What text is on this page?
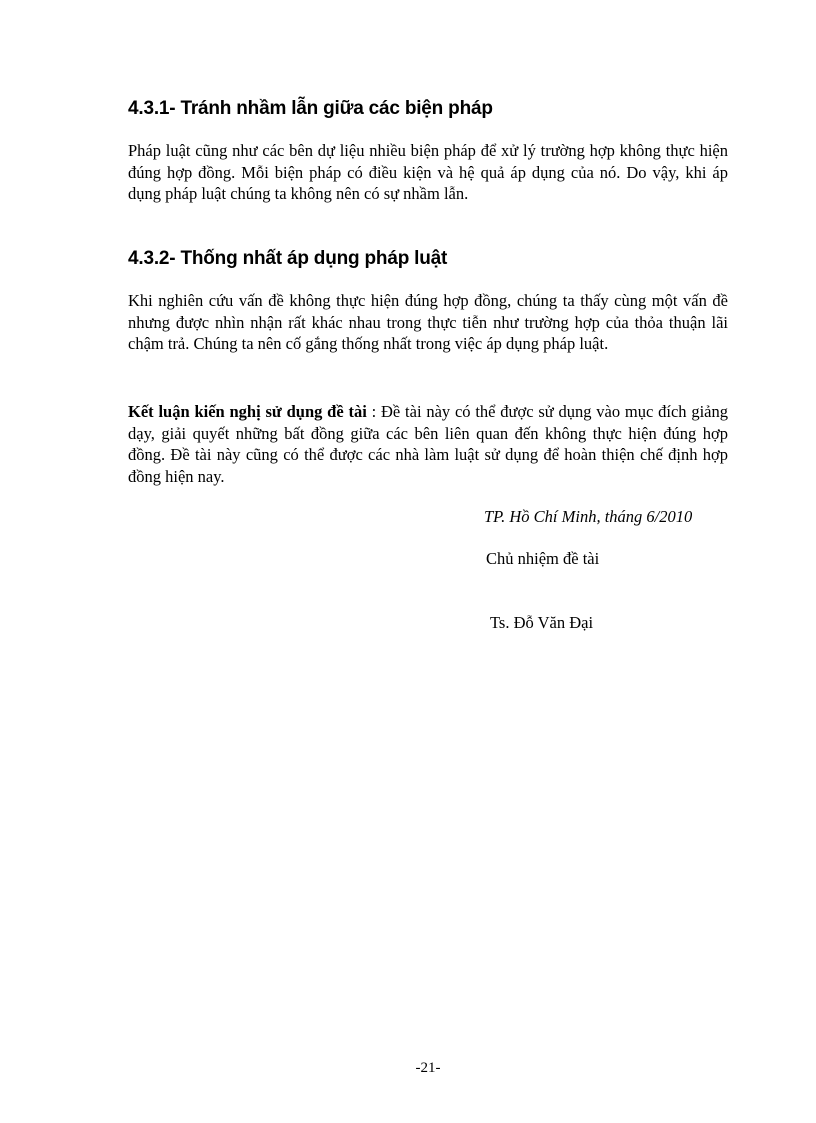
4.3.1- Tránh nhầm lẫn giữa các biện pháp

Pháp luật cũng như các bên dự liệu nhiều biện pháp để xử lý trường hợp không thực hiện đúng hợp đồng. Mỗi biện pháp có điều kiện và hệ quả áp dụng của nó. Do vậy, khi áp dụng pháp luật chúng ta không nên có sự nhầm lẫn.

4.3.2- Thống nhất áp dụng pháp luật

Khi nghiên cứu vấn đề không thực hiện đúng hợp đồng, chúng ta thấy cùng một vấn đề nhưng được nhìn nhận rất khác nhau trong thực tiễn như trường hợp của thỏa thuận lãi chậm trả. Chúng ta nên cố gắng thống nhất trong việc áp dụng pháp luật.

Kết luận kiến nghị sử dụng đề tài : Đề tài này có thể được sử dụng vào mục đích giảng dạy, giải quyết những bất đồng giữa các bên liên quan đến không thực hiện đúng hợp đồng. Đề tài này cũng có thể được các nhà làm luật sử dụng để hoàn thiện chế định hợp đồng hiện nay.

TP. Hồ Chí Minh, tháng 6/2010

Chủ nhiệm đề tài

Ts. Đỗ Văn Đại

-21-
